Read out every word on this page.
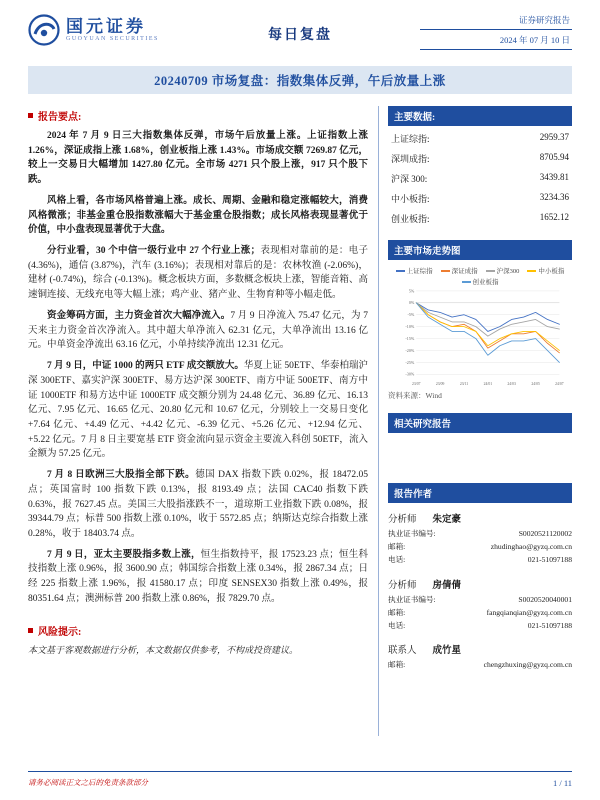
国元证券
GUOYUAN SECURITIES	每日复盘
证券研究报告
2024 年 07 月 10 日
20240709 市场复盘：指数集体反弹，午后放量上涨
报告要点:

2024 年 7 月 9 日三大指数集体反弹，市场午后放量上涨。上证指数上涨 1.26%，深证成指上涨 1.68%，创业板指上涨 1.43%。市场成交额 7269.87 亿元，较上一交易日大幅增加 1427.80 亿元。全市场 4271 只个股上涨，917 只个股下跌。

风格上看，各市场风格普遍上涨。成长、周期、金融和稳定涨幅较大，消费风格微涨；非基金重仓股指数涨幅大于基金重仓股指数；成长风格表现显著优于价值，中小盘表现显著优于大盘。

分行业看，30 个中信一级行业中 27 个行业上涨；表现相对靠前的是：电子 (4.36%)，通信 (3.87%)，汽车 (3.16%)；表现相对靠后的是：农林牧渔 (-2.06%)，建材 (-0.74%)，综合 (-0.13%)。概念板块方面，多数概念板块上涨，智能音箱、高速铜连接、无线充电等大幅上涨；鸡产业、猪产业、生物育种等小幅走低。

资金筹码方面，主力资金首次大幅净流入。7 月 9 日净流入 75.47 亿元，为 7 天来主力资金首次净流入。其中超大单净流入 62.31 亿元，大单净流出 13.16 亿元。中单资金净流出 63.16 亿元，小单持续净流出 12.31 亿元。

7 月 9 日，中证 1000 的两只 ETF 成交额放大。华夏上证 50ETF、华泰柏瑞沪深 300ETF、嘉实沪深 300ETF、易方达沪深 300ETF、南方中证 500ETF、南方中证 1000ETF 和易方达中证 1000ETF 成交额分别为 24.48 亿元、36.89 亿元、16.13 亿元、7.95 亿元、16.65 亿元、20.80 亿元和 10.67 亿元，分别较上一交易日变化 +7.64 亿元、+4.49 亿元、+4.42 亿元、-6.39 亿元、+5.26 亿元、+12.94 亿元、+5.22 亿元。7 月 8 日主要宽基 ETF 资金流向显示资金主要流入科创 50ETF，流入金额为 57.25 亿元。

7 月 8 日欧洲三大股指全部下跌。德国 DAX 指数下跌 0.02%，报 18472.05 点；英国富时 100 指数下跌 0.13%，报 8193.49 点；法国 CAC40 指数下跌 0.63%，报 7627.45 点。美国三大股指涨跌不一，道琼斯工业指数下跌 0.08%，报 39344.79 点；标普 500 指数上涨 0.10%，收于 5572.85 点；纳斯达克综合指数上涨 0.28%，收于 18403.74 点。

7 月 9 日，亚太主要股指多数上涨，恒生指数持平，报 17523.23 点；恒生科技指数上涨 0.96%，报 3600.90 点；韩国综合指数上涨 0.34%，报 2867.34 点；日经 225 指数上涨 1.96%，报 41580.17 点；印度 SENSEX30 指数上涨 0.49%，报 80351.64 点；澳洲标普 200 指数上涨 0.86%，报 7829.70 点。

风险提示:

本文基于客观数据进行分析，本文数据仅供参考，不构成投资建议。

主要数据:
上证综指:	2959.37
深圳成指:	8705.94
沪深 300:	3439.81
中小板指:	3234.36
创业板指:	1652.12
主要市场走势图
上证综指	深证成指	沪深300	中小板指
创业板指
5%
0%
-5%
-10%
-15%
-20%
-25%
-30%
23/07	23/09	23/11	24/01	24/03	24/05	24/07
资料来源：Wind
相关研究报告
报告作者
分析师 朱定豪
执业证书编号:	S0020521120002
邮箱:	zhudinghao@gyzq.com.cn
电话:	021-51097188
分析师 房倩倩
执业证书编号:	S0020520040001
邮箱:	fangqianqian@gyzq.com.cn
电话:	021-51097188
联系人 成竹星
邮箱:	chengzhuxing@gyzq.com.cn
请务必阅读正文之后的免责条款部分	1 / 11
